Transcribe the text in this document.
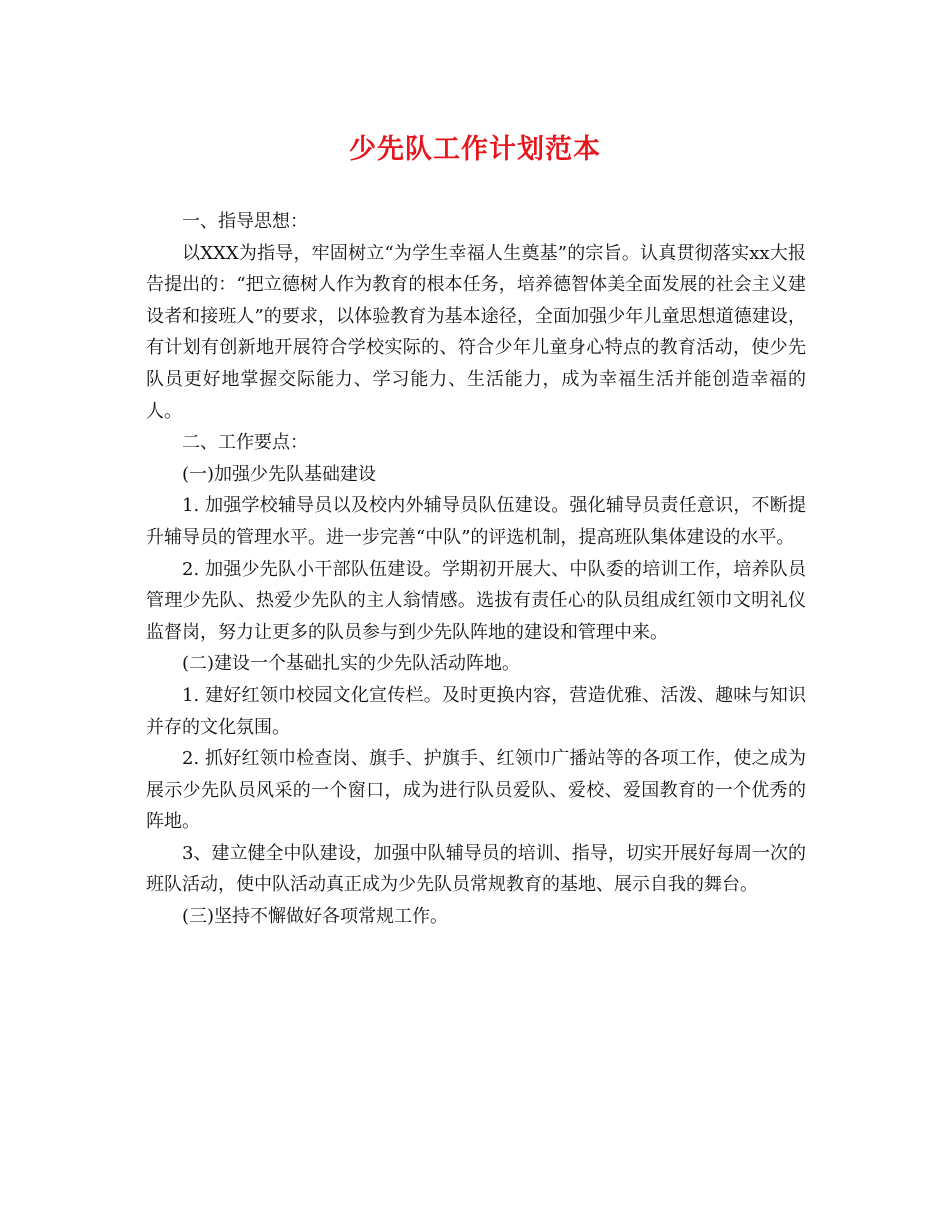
少先队工作计划范本

一、指导思想：

以XXX为指导，牢固树立“为学生幸福人生奠基”的宗旨。认真贯彻落实xx大报告提出的：“把立德树人作为教育的根本任务，培养德智体美全面发展的社会主义建设者和接班人”的要求，以体验教育为基本途径，全面加强少年儿童思想道德建设，有计划有创新地开展符合学校实际的、符合少年儿童身心特点的教育活动，使少先队员更好地掌握交际能力、学习能力、生活能力，成为幸福生活并能创造幸福的人。

二、工作要点：

(一)加强少先队基础建设

1. 加强学校辅导员以及校内外辅导员队伍建设。强化辅导员责任意识，不断提升辅导员的管理水平。进一步完善“中队”的评选机制，提高班队集体建设的水平。

2. 加强少先队小干部队伍建设。学期初开展大、中队委的培训工作，培养队员管理少先队、热爱少先队的主人翁情感。选拔有责任心的队员组成红领巾文明礼仪监督岗，努力让更多的队员参与到少先队阵地的建设和管理中来。

(二)建设一个基础扎实的少先队活动阵地。

1. 建好红领巾校园文化宣传栏。及时更换内容，营造优雅、活泼、趣味与知识并存的文化氛围。

2. 抓好红领巾检查岗、旗手、护旗手、红领巾广播站等的各项工作，使之成为展示少先队员风采的一个窗口，成为进行队员爱队、爱校、爱国教育的一个优秀的阵地。

3、建立健全中队建设，加强中队辅导员的培训、指导，切实开展好每周一次的班队活动，使中队活动真正成为少先队员常规教育的基地、展示自我的舞台。

(三)坚持不懈做好各项常规工作。
